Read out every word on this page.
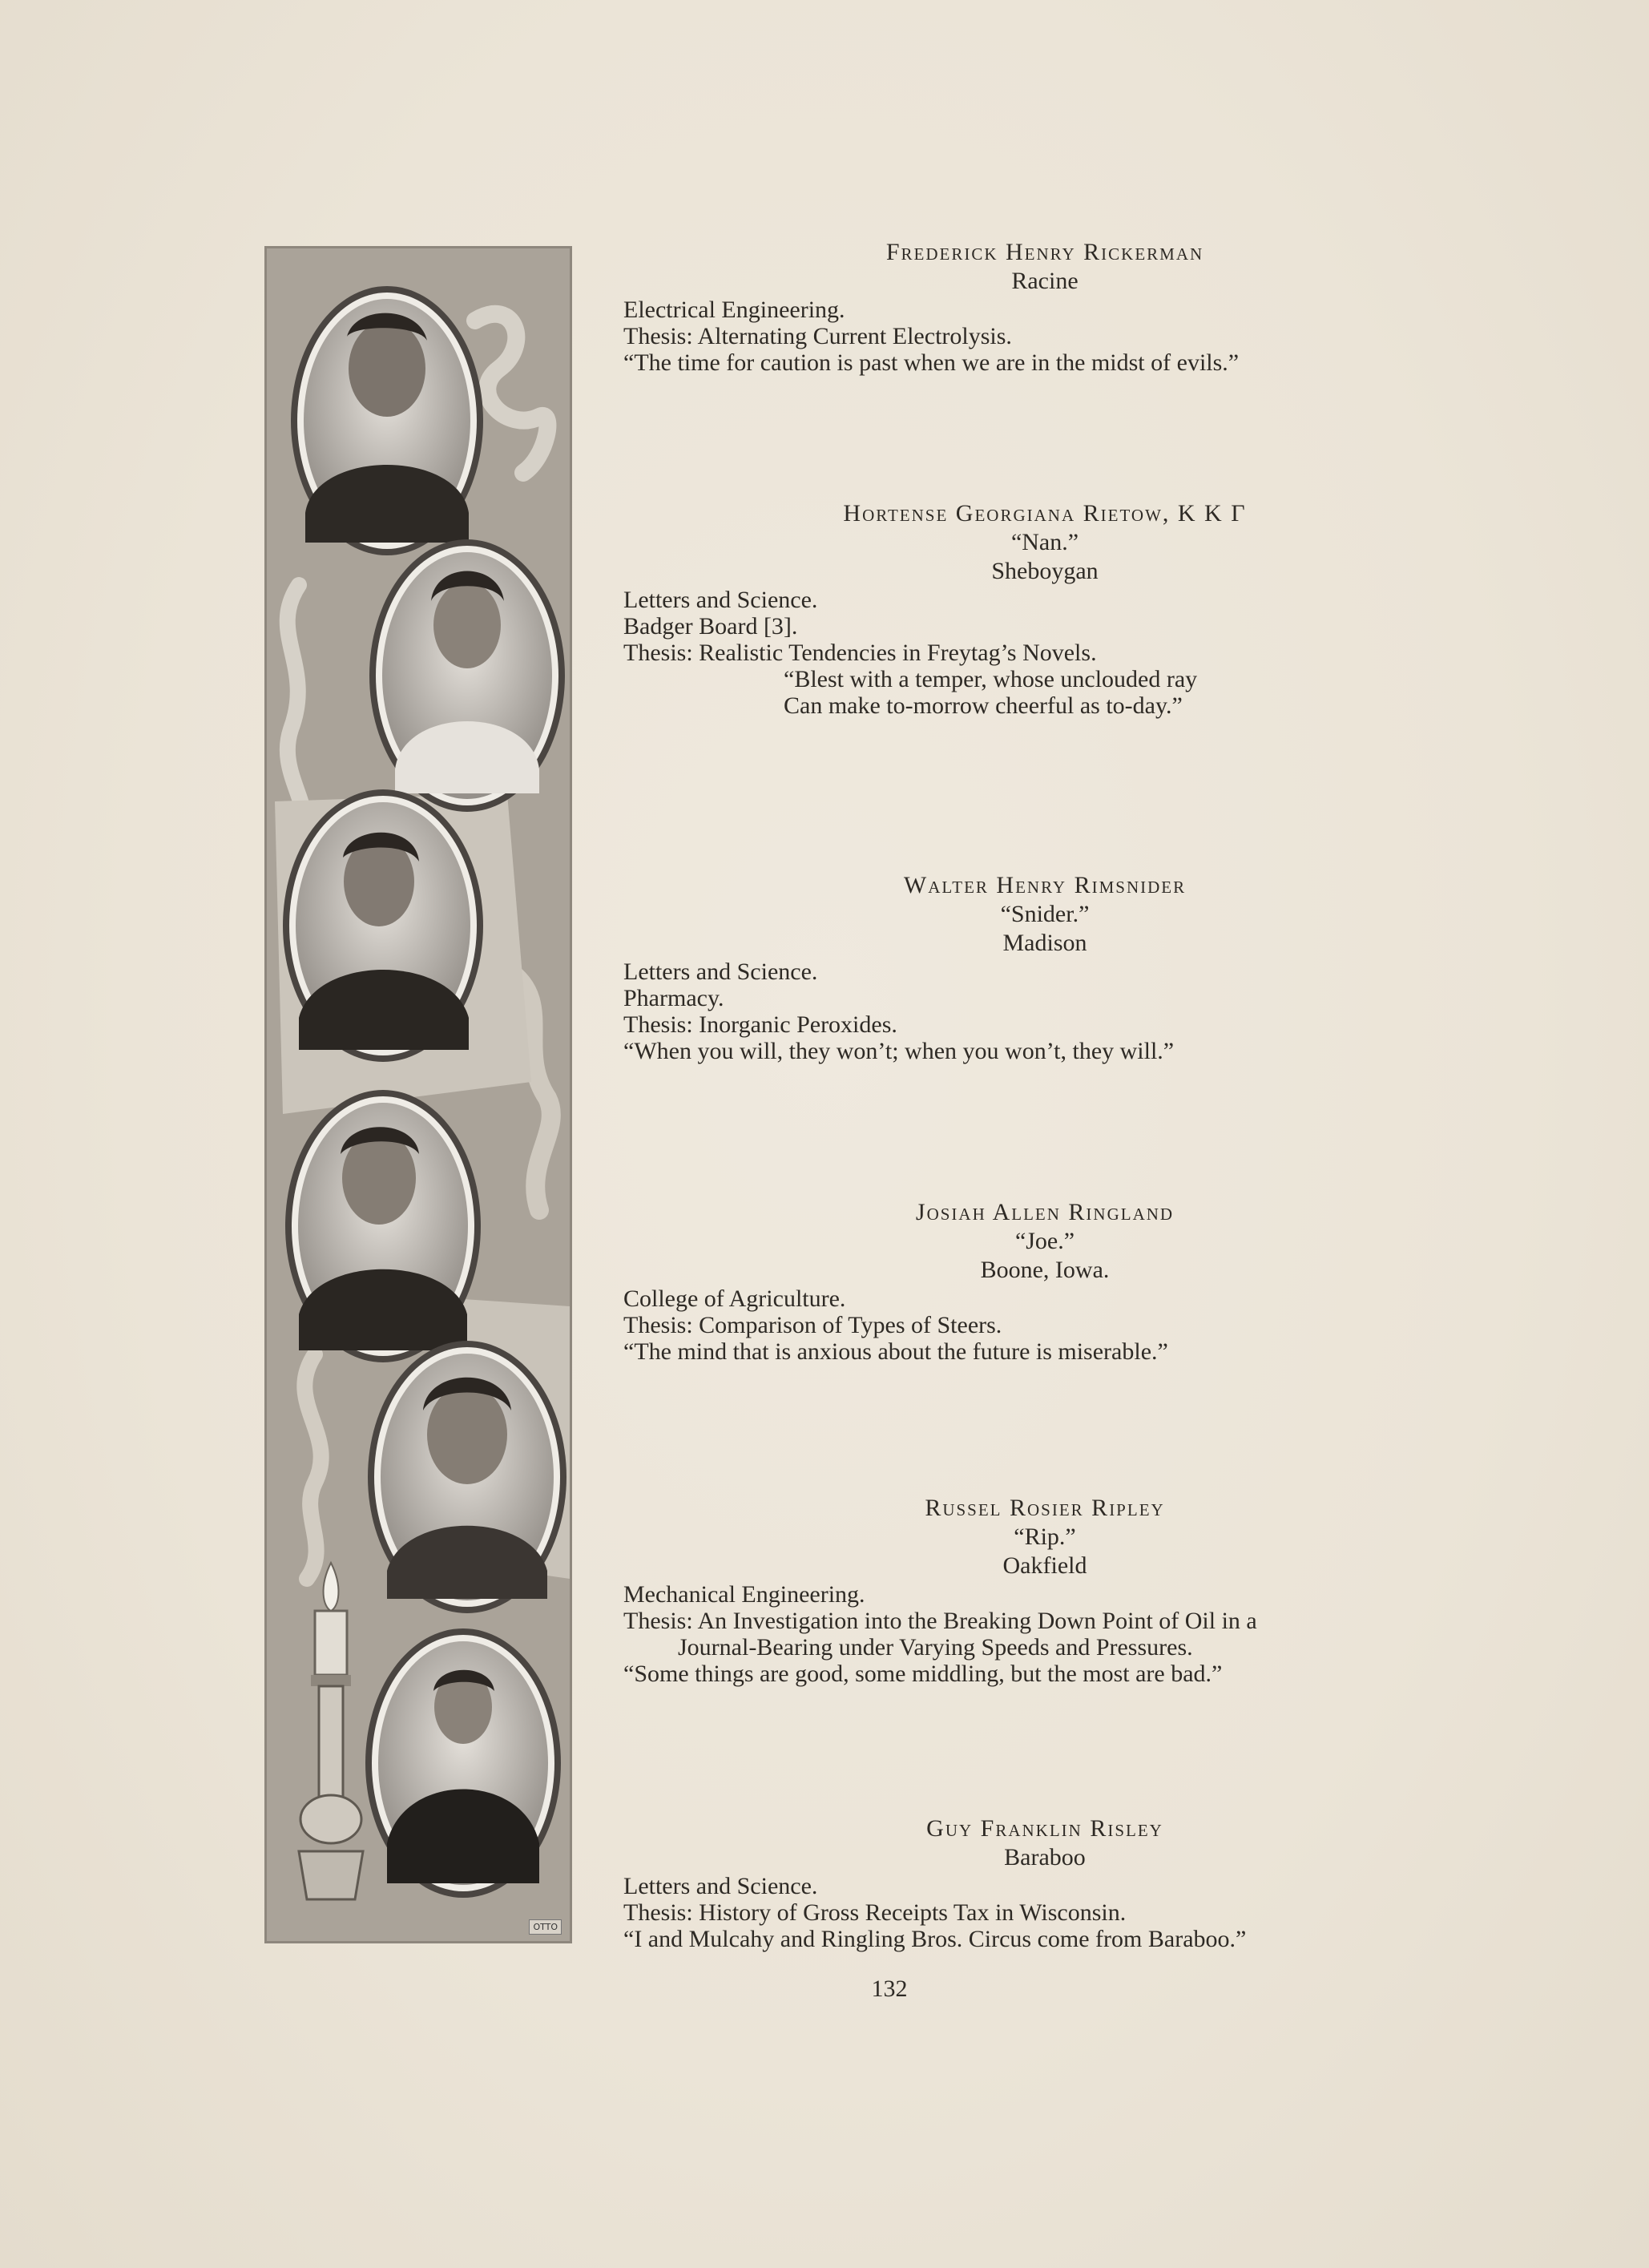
OTTO
Frederick Henry Rickerman
Racine
Electrical Engineering.
Thesis: Alternating Current Electrolysis.
“The time for caution is past when we are in the midst of evils.”
Hortense Georgiana Rietow, K K Γ
“Nan.”
Sheboygan
Letters and Science.
Badger Board [3].
Thesis: Realistic Tendencies in Freytag’s Novels.
“Blest with a temper, whose unclouded ray
Can make to-morrow cheerful as to-day.”
Walter Henry Rimsnider
“Snider.”
Madison
Letters and Science.
Pharmacy.
Thesis: Inorganic Peroxides.
“When you will, they won’t; when you won’t, they will.”
Josiah Allen Ringland
“Joe.”
Boone, Iowa.
College of Agriculture.
Thesis: Comparison of Types of Steers.
“The mind that is anxious about the future is miserable.”
Russel Rosier Ripley
“Rip.”
Oakfield
Mechanical Engineering.
Thesis: An Investigation into the Breaking Down Point of Oil in a
Journal-Bearing under Varying Speeds and Pressures.
“Some things are good, some middling, but the most are bad.”
Guy Franklin Risley
Baraboo
Letters and Science.
Thesis: History of Gross Receipts Tax in Wisconsin.
“I and Mulcahy and Ringling Bros. Circus come from Baraboo.”
132
